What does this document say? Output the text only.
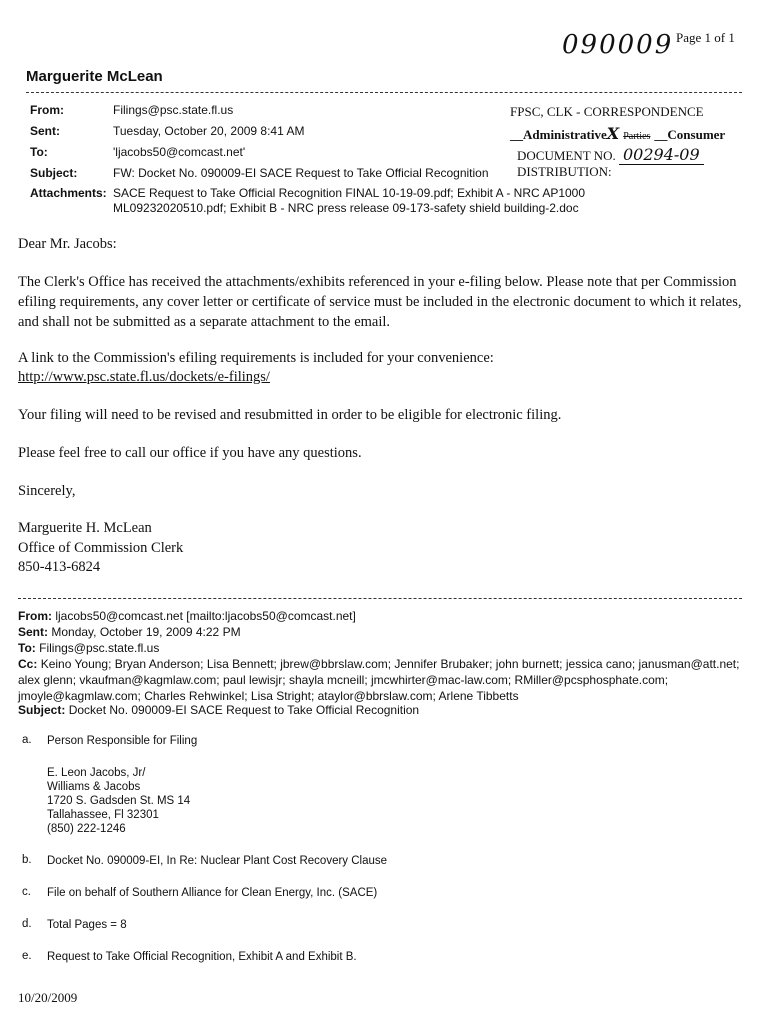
090009 Page 1 of 1
Marguerite McLean
From:	Filings@psc.state.fl.us
Sent:	Tuesday, October 20, 2009 8:41 AM
To:	'ljacobs50@comcast.net'
Subject:	FW: Docket No. 090009-EI SACE Request to Take Official Recognition
Attachments: SACE Request to Take Official Recognition FINAL 10-19-09.pdf; Exhibit A - NRC AP1000 ML09232020510.pdf; Exhibit B - NRC press release 09-173-safety shield building-2.doc
FPSC, CLK - CORRESPONDENCE
__AdministrativeX Parties __Consumer
DOCUMENT NO. 00294-09
DISTRIBUTION:
Dear Mr. Jacobs:
The Clerk's Office has received the attachments/exhibits referenced in your e-filing below. Please note that per Commission efiling requirements, any cover letter or certificate of service must be included in the electronic document to which it relates, and shall not be submitted as a separate attachment to the email.
A link to the Commission's efiling requirements is included for your convenience:
http://www.psc.state.fl.us/dockets/e-filings/
Your filing will need to be revised and resubmitted in order to be eligible for electronic filing.
Please feel free to call our office if you have any questions.
Sincerely,
Marguerite H. McLean
Office of Commission Clerk
850-413-6824
From: ljacobs50@comcast.net [mailto:ljacobs50@comcast.net]
Sent: Monday, October 19, 2009 4:22 PM
To: Filings@psc.state.fl.us
Cc: Keino Young; Bryan Anderson; Lisa Bennett; jbrew@bbrslaw.com; Jennifer Brubaker; john burnett; jessica cano; janusman@att.net; alex glenn; vkaufman@kagmlaw.com; paul lewisjr; shayla mcneill; jmcwhirter@mac-law.com; RMiller@pcsphosphate.com; jmoyle@kagmlaw.com; Charles Rehwinkel; Lisa Stright; ataylor@bbrslaw.com; Arlene Tibbetts
Subject: Docket No. 090009-EI SACE Request to Take Official Recognition
a. Person Responsible for Filing
E. Leon Jacobs, Jr/
Williams & Jacobs
1720 S. Gadsden St. MS 14
Tallahassee, Fl 32301
(850) 222-1246
b. Docket No. 090009-EI, In Re: Nuclear Plant Cost Recovery Clause
c. File on behalf of Southern Alliance for Clean Energy, Inc. (SACE)
d. Total Pages = 8
e. Request to Take Official Recognition, Exhibit A and Exhibit B.
10/20/2009
